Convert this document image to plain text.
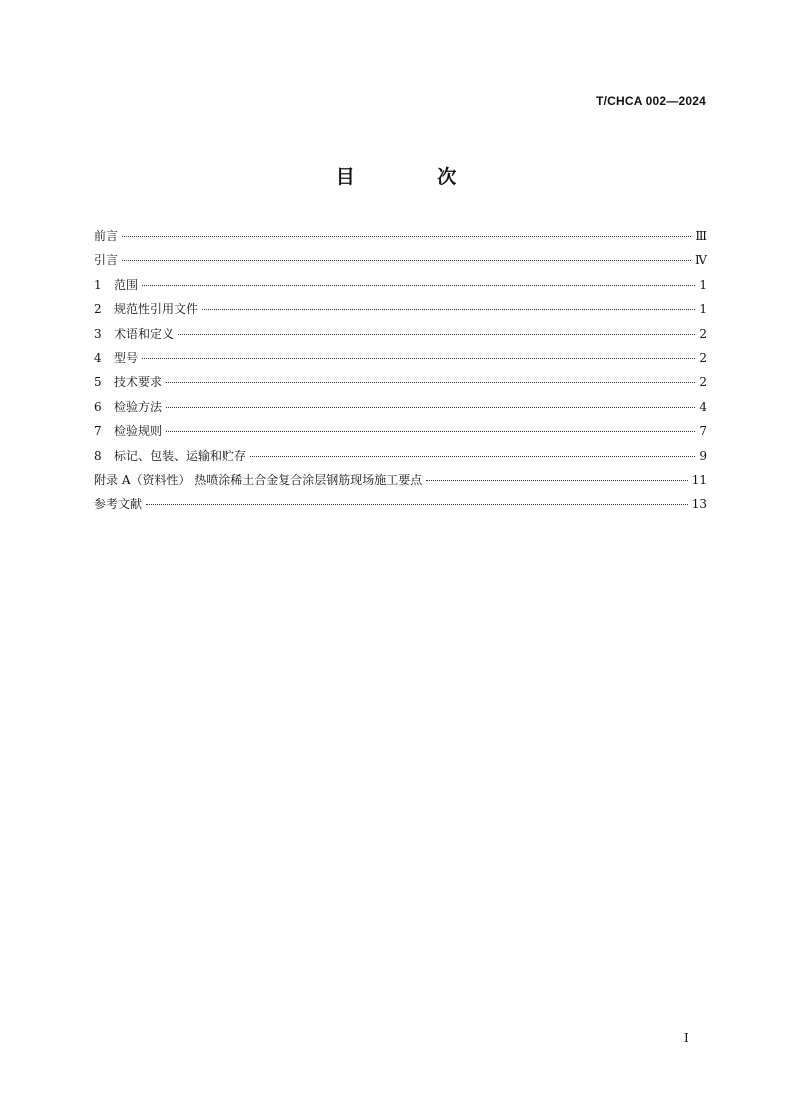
T/CHCA 002—2024
目 次
前言	Ⅲ
引言	Ⅳ
1	范围	1
2	规范性引用文件	1
3	术语和定义	2
4	型号	2
5	技术要求	2
6	检验方法	4
7	检验规则	7
8	标记、包装、运输和贮存	9
附录 A（资料性） 热喷涂稀土合金复合涂层钢筋现场施工要点	11
参考文献	13
I
